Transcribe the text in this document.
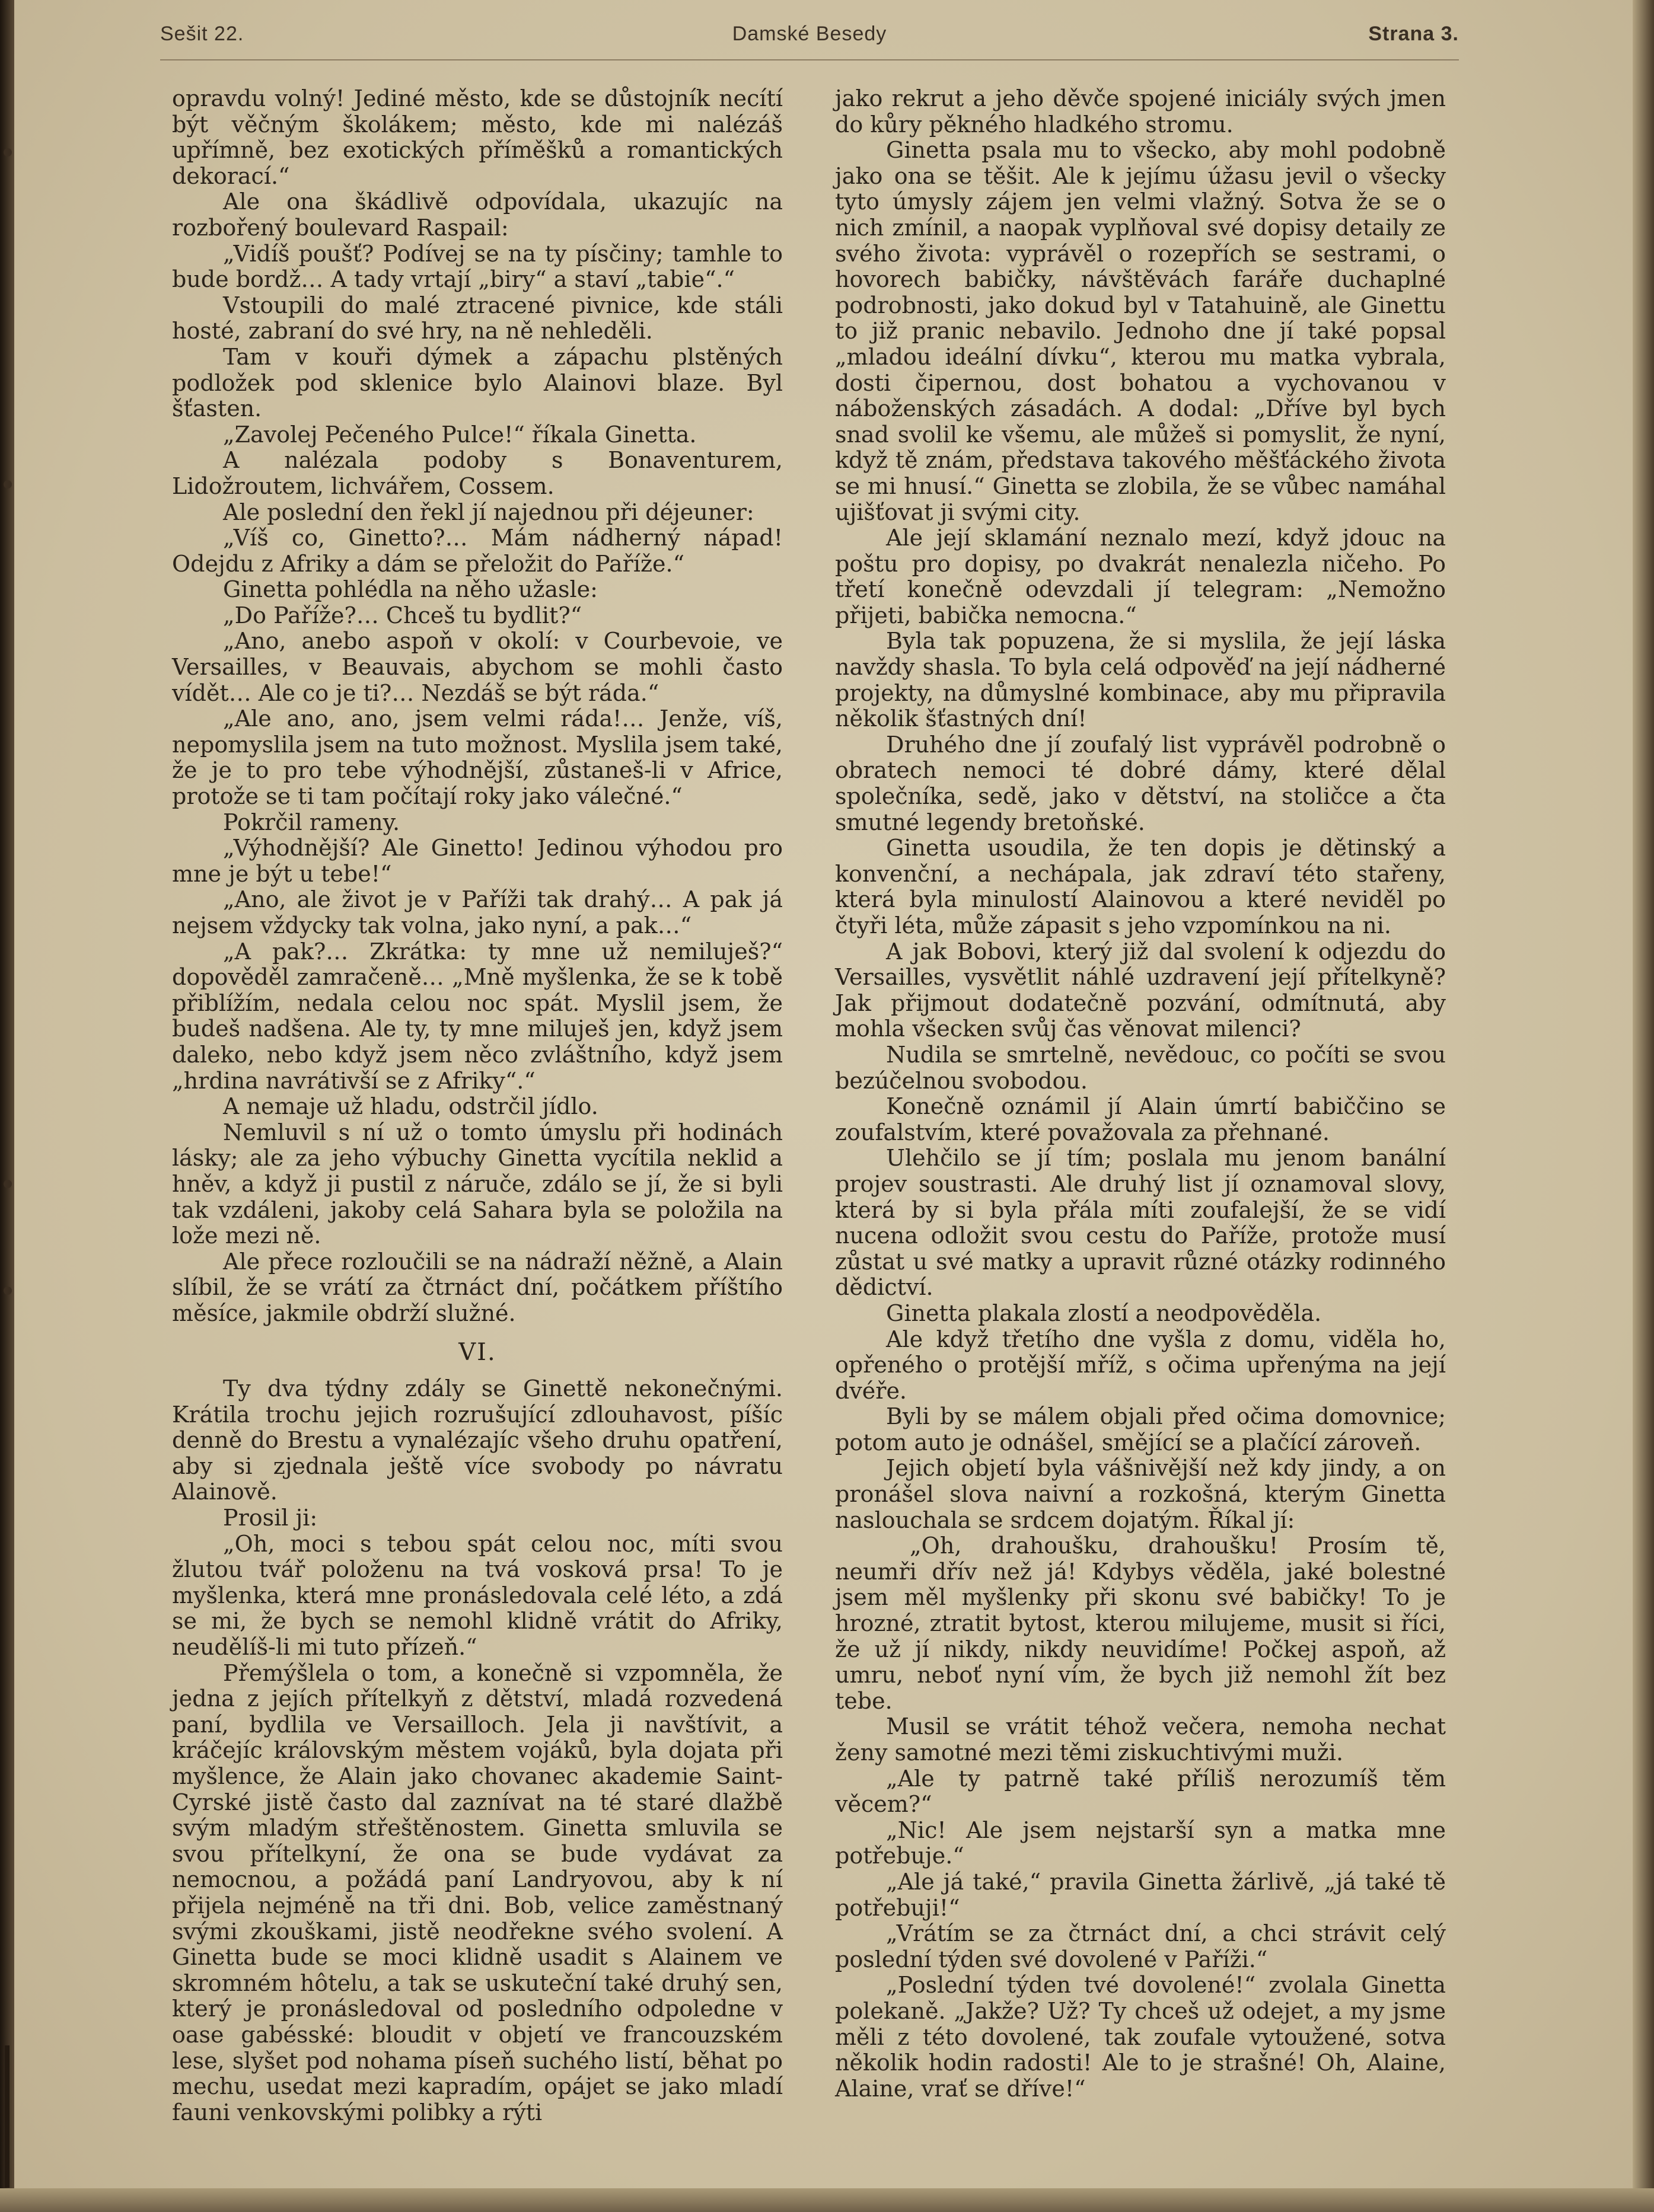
Sešit 22.	Damské Besedy	Strana 3.

opravdu volný! Jediné město, kde se důstojník necítí být věčným školákem; město, kde mi nalézáš upřímně, bez exotických příměšků a romantických dekorací.“

Ale ona škádlivě odpovídala, ukazujíc na rozbořený boulevard Raspail:

„Vidíš poušť? Podívej se na ty písčiny; tamhle to bude bordž… A tady vrtají „biry“ a staví „tabie“.“

Vstoupili do malé ztracené pivnice, kde stáli hosté, zabraní do své hry, na ně nehleděli.

Tam v kouři dýmek a zápachu plstěných podložek pod sklenice bylo Alainovi blaze. Byl šťasten.

„Zavolej Pečeného Pulce!“ říkala Ginetta.

A nalézala podoby s Bonaventurem, Lidožroutem, lichvářem, Cossem.

Ale poslední den řekl jí najednou při déjeuner:

„Víš co, Ginetto?… Mám nádherný nápad! Odejdu z Afriky a dám se přeložit do Paříže.“

Ginetta pohlédla na něho užasle:

„Do Paříže?… Chceš tu bydlit?“

„Ano, anebo aspoň v okolí: v Courbevoie, ve Versailles, v Beauvais, abychom se mohli často vídět… Ale co je ti?… Nezdáš se být ráda.“

„Ale ano, ano, jsem velmi ráda!… Jenže, víš, nepomyslila jsem na tuto možnost. Myslila jsem také, že je to pro tebe výhodnější, zůstaneš-li v Africe, protože se ti tam počítají roky jako válečné.“

Pokrčil rameny.

„Výhodnější? Ale Ginetto! Jedinou výhodou pro mne je být u tebe!“

„Ano, ale život je v Paříži tak drahý… A pak já nejsem vždycky tak volna, jako nyní, a pak…“

„A pak?… Zkrátka: ty mne už nemiluješ?“ dopověděl zamračeně… „Mně myšlenka, že se k tobě přiblížím, nedala celou noc spát. Myslil jsem, že budeš nadšena. Ale ty, ty mne miluješ jen, když jsem daleko, nebo když jsem něco zvláštního, když jsem „hrdina navrátivší se z Afriky“.“

A nemaje už hladu, odstrčil jídlo.

Nemluvil s ní už o tomto úmyslu při hodinách lásky; ale za jeho výbuchy Ginetta vycítila neklid a hněv, a když ji pustil z náruče, zdálo se jí, že si byli tak vzdáleni, jakoby celá Sahara byla se položila na lože mezi ně.

Ale přece rozloučili se na nádraží něžně, a Alain slíbil, že se vrátí za čtrnáct dní, počátkem příštího měsíce, jakmile obdrží služné.

VI.

Ty dva týdny zdály se Ginettě nekonečnými. Krátila trochu jejich rozrušující zdlouhavost, píšíc denně do Brestu a vynalézajíc všeho druhu opatření, aby si zjednala ještě více svobody po návratu Alainově.

Prosil ji:

„Oh, moci s tebou spát celou noc, míti svou žlutou tvář položenu na tvá vosková prsa! To je myšlenka, která mne pronásledovala celé léto, a zdá se mi, že bych se nemohl klidně vrátit do Afriky, neudělíš-li mi tuto přízeň.“

Přemýšlela o tom, a konečně si vzpomněla, že jedna z jejích přítelkyň z dětství, mladá rozvedená paní, bydlila ve Versailloch. Jela ji navštívit, a kráčejíc královským městem vojáků, byla dojata při myšlence, že Alain jako chovanec akademie Saint-Cyrské jistě často dal zaznívat na té staré dlažbě svým mladým střeštěnostem. Ginetta smluvila se svou přítelkyní, že ona se bude vydávat za nemocnou, a požádá paní Landryovou, aby k ní přijela nejméně na tři dni. Bob, velice zaměstnaný svými zkouškami, jistě neodřekne svého svolení. A Ginetta bude se moci klidně usadit s Alainem ve skromném hôtelu, a tak se uskuteční také druhý sen, který je pronásledoval od posledního odpoledne v oase gabésské: bloudit v objetí ve francouzském lese, slyšet pod nohama píseň suchého listí, běhat po mechu, usedat mezi kapradím, opájet se jako mladí fauni venkovskými polibky a rýti

jako rekrut a jeho děvče spojené iniciály svých jmen do kůry pěkného hladkého stromu.

Ginetta psala mu to všecko, aby mohl podobně jako ona se těšit. Ale k jejímu úžasu jevil o všecky tyto úmysly zájem jen velmi vlažný. Sotva že se o nich zmínil, a naopak vyplňoval své dopisy detaily ze svého života: vyprávěl o rozepřích se sestrami, o hovorech babičky, návštěvách faráře duchaplné podrobnosti, jako dokud byl v Tatahuině, ale Ginettu to již pranic nebavilo. Jednoho dne jí také popsal „mladou ideální dívku“, kterou mu matka vybrala, dosti čipernou, dost bohatou a vychovanou v náboženských zásadách. A dodal: „Dříve byl bych snad svolil ke všemu, ale můžeš si pomyslit, že nyní, když tě znám, představa takového měšťáckého života se mi hnusí.“ Ginetta se zlobila, že se vůbec namáhal ujišťovat ji svými city.

Ale její sklamání neznalo mezí, když jdouc na poštu pro dopisy, po dvakrát nenalezla ničeho. Po třetí konečně odevzdali jí telegram: „Nemožno přijeti, babička nemocna.“

Byla tak popuzena, že si myslila, že její láska navždy shasla. To byla celá odpověď na její nádherné projekty, na důmyslné kombinace, aby mu připravila několik šťastných dní!

Druhého dne jí zoufalý list vyprávěl podrobně o obratech nemoci té dobré dámy, které dělal společníka, sedě, jako v dětství, na stoličce a čta smutné legendy bretoňské.

Ginetta usoudila, že ten dopis je dětinský a konvenční, a nechápala, jak zdraví této stařeny, která byla minulostí Alainovou a které neviděl po čtyři léta, může zápasit s jeho vzpomínkou na ni.

A jak Bobovi, který již dal svolení k odjezdu do Versailles, vysvětlit náhlé uzdravení její přítelkyně? Jak přijmout dodatečně pozvání, odmítnutá, aby mohla všecken svůj čas věnovat milenci?

Nudila se smrtelně, nevědouc, co počíti se svou bezúčelnou svobodou.

Konečně oznámil jí Alain úmrtí babiččino se zoufalstvím, které považovala za přehnané.

Ulehčilo se jí tím; poslala mu jenom banální projev soustrasti. Ale druhý list jí oznamoval slovy, která by si byla přála míti zoufalejší, že se vidí nucena odložit svou cestu do Paříže, protože musí zůstat u své matky a upravit různé otázky rodinného dědictví.

Ginetta plakala zlostí a neodpověděla.

Ale když třetího dne vyšla z domu, viděla ho, opřeného o protější mříž, s očima upřenýma na její dvéře.

Byli by se málem objali před očima domovnice; potom auto je odnášel, smějící se a plačící zároveň.

Jejich objetí byla vášnivější než kdy jindy, a on pronášel slova naivní a rozkošná, kterým Ginetta naslouchala se srdcem dojatým. Říkal jí:

„Oh, drahoušku, drahoušku! Prosím tě, neumři dřív než já! Kdybys věděla, jaké bolestné jsem měl myšlenky při skonu své babičky! To je hrozné, ztratit bytost, kterou milujeme, musit si říci, že už jí nikdy, nikdy neuvidíme! Počkej aspoň, až umru, neboť nyní vím, že bych již nemohl žít bez tebe.

Musil se vrátit téhož večera, nemoha nechat ženy samotné mezi těmi ziskuchtivými muži.

„Ale ty patrně také příliš nerozumíš těm věcem?“

„Nic! Ale jsem nejstarší syn a matka mne potřebuje.“

„Ale já také,“ pravila Ginetta žárlivě, „já také tě potřebuji!“

„Vrátím se za čtrnáct dní, a chci strávit celý poslední týden své dovolené v Paříži.“

„Poslední týden tvé dovolené!“ zvolala Ginetta polekaně. „Jakže? Už? Ty chceš už odejet, a my jsme měli z této dovolené, tak zoufale vytoužené, sotva několik hodin radosti! Ale to je strašné! Oh, Alaine, Alaine, vrať se dříve!“
